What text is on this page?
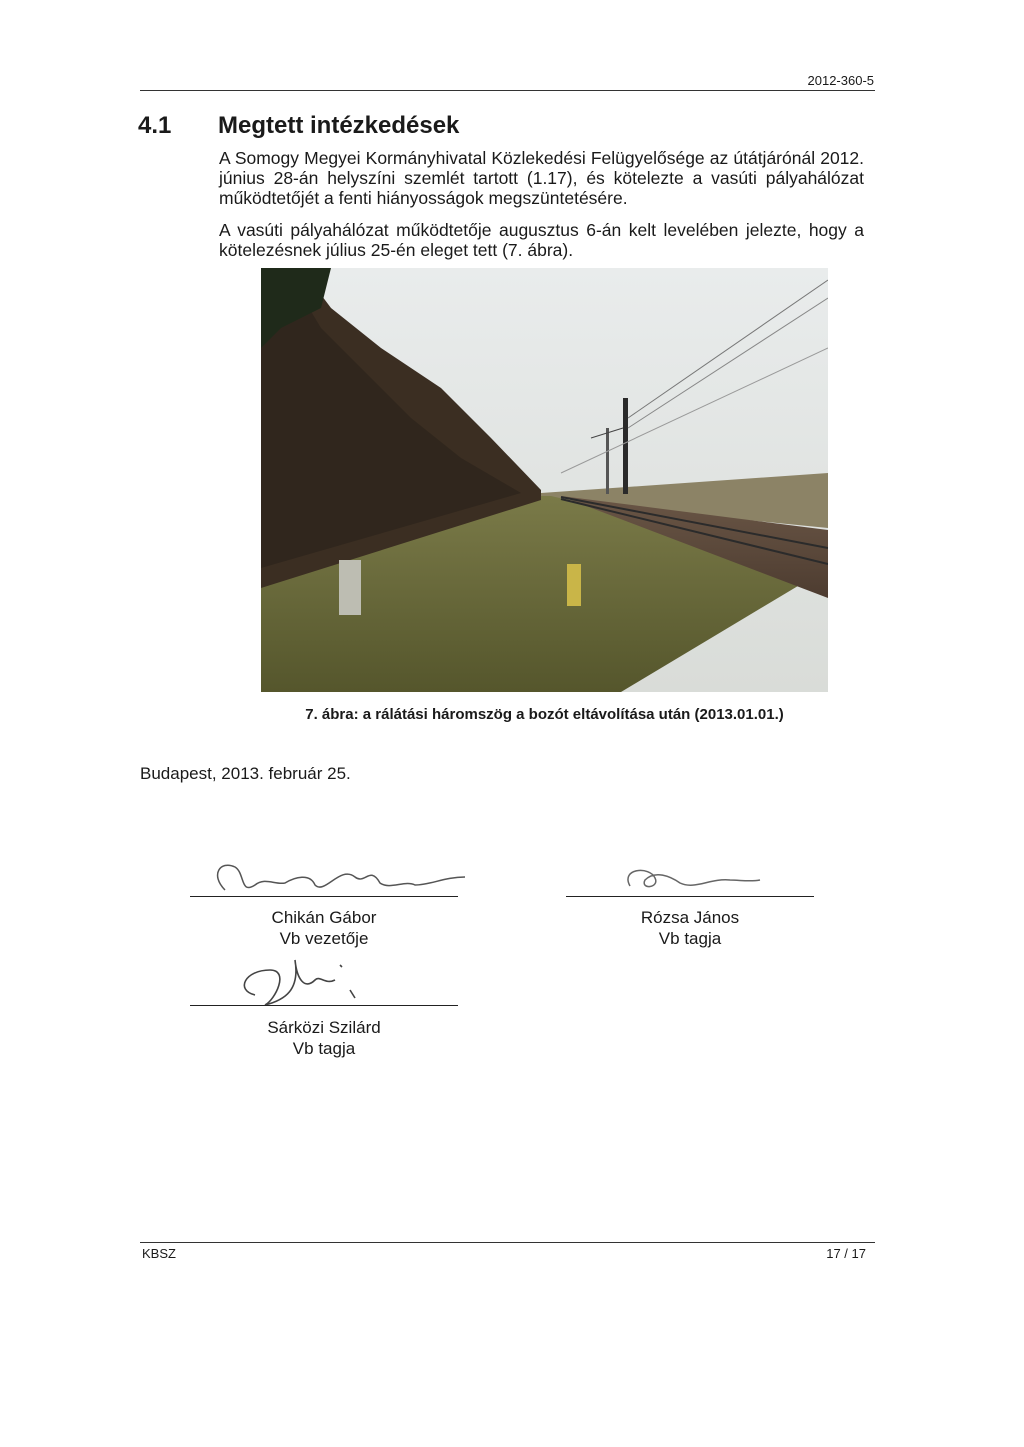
2012-360-5
4.1 Megtett intézkedések
A Somogy Megyei Kormányhivatal Közlekedési Felügyelősége az útátjárónál 2012. június 28-án helyszíni szemlét tartott (1.17), és kötelezte a vasúti pályahálózat működtetőjét a fenti hiányosságok megszüntetésére.
A vasúti pályahálózat működtetője augusztus 6-án kelt levelében jelezte, hogy a kötelezésnek július 25-én eleget tett (7. ábra).
7. ábra: a rálátási háromszög a bozót eltávolítása után (2013.01.01.)
Budapest, 2013. február 25.
Chikán Gábor
Vb vezetője
Rózsa János
Vb tagja
Sárközi Szilárd
Vb tagja
KBSZ	17 / 17
